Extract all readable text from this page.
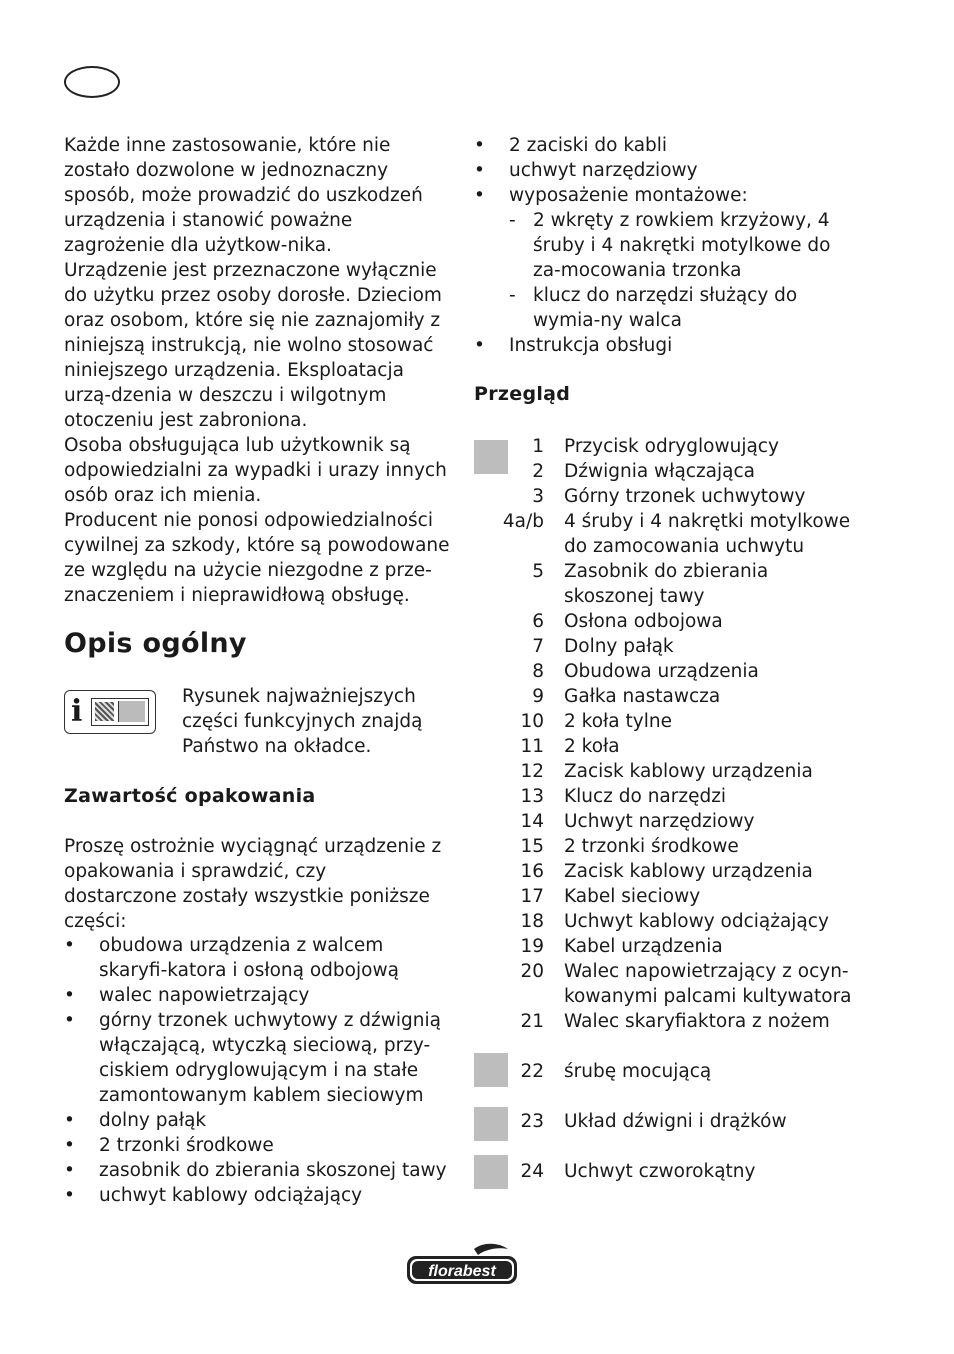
Każde inne zastosowanie, które nie zostało dozwolone w jednoznaczny sposób, może prowadzić do uszkodzeń urządzenia i stanowić poważne zagrożenie dla użytkow-nika.

Urządzenie jest przeznaczone wyłącznie do użytku przez osoby dorosłe. Dzieciom oraz osobom, które się nie zaznajomiły z niniejszą instrukcją, nie wolno stosować niniejszego urządzenia. Eksploatacja urzą-dzenia w deszczu i wilgotnym otoczeniu jest zabroniona.

Osoba obsługująca lub użytkownik są odpowiedzialni za wypadki i urazy innych osób oraz ich mienia.

Producent nie ponosi odpowiedzialności cywilnej za szkody, które są powodowane ze względu na użycie niezgodne z prze-znaczeniem i nieprawidłową obsługę.

Opis ogólny
i	Rysunek najważniejszych części funkcyjnych znajdą Państwo na okładce.
Zawartość opakowania
Proszę ostrożnie wyciągnąć urządzenie z opakowania i sprawdzić, czy dostarczone zostały wszystkie poniższe części:
• obudowa urządzenia z walcem skaryfi-katora i osłoną odbojową
• walec napowietrzający
• górny trzonek uchwytowy z dźwignią włączającą, wtyczką sieciową, przy-ciskiem odryglowującym i na stałe zamontowanym kablem sieciowym
• dolny pałąk
• 2 trzonki środkowe
• zasobnik do zbierania skoszonej tawy
• uchwyt kablowy odciążający
• 2 zaciski do kabli
• uchwyt narzędziowy
• wyposażenie montażowe:
- 2 wkręty z rowkiem krzyżowy, 4 śruby i 4 nakrętki motylkowe do za-mocowania trzonka
- klucz do narzędzi służący do wymia-ny walca
• Instrukcja obsługi
Przegląd
1 Przycisk odryglowujący
2 Dźwignia włączająca
3 Górny trzonek uchwytowy
4a/b 4 śruby i 4 nakrętki motylkowe do zamocowania uchwytu
5 Zasobnik do zbierania skoszonej tawy
6 Osłona odbojowa
7 Dolny pałąk
8 Obudowa urządzenia
9 Gałka nastawcza
10 2 koła tylne
11 2 koła
12 Zacisk kablowy urządzenia
13 Klucz do narzędzi
14 Uchwyt narzędziowy
15 2 trzonki środkowe
16 Zacisk kablowy urządzenia
17 Kabel sieciowy
18 Uchwyt kablowy odciążający
19 Kabel urządzenia
20 Walec napowietrzający z ocyn-kowanymi palcami kultywatora
21 Walec skaryfiaktora z nożem
22 śrubę mocującą
23 Układ dźwigni i drążków
24 Uchwyt czworokątny
florabest
